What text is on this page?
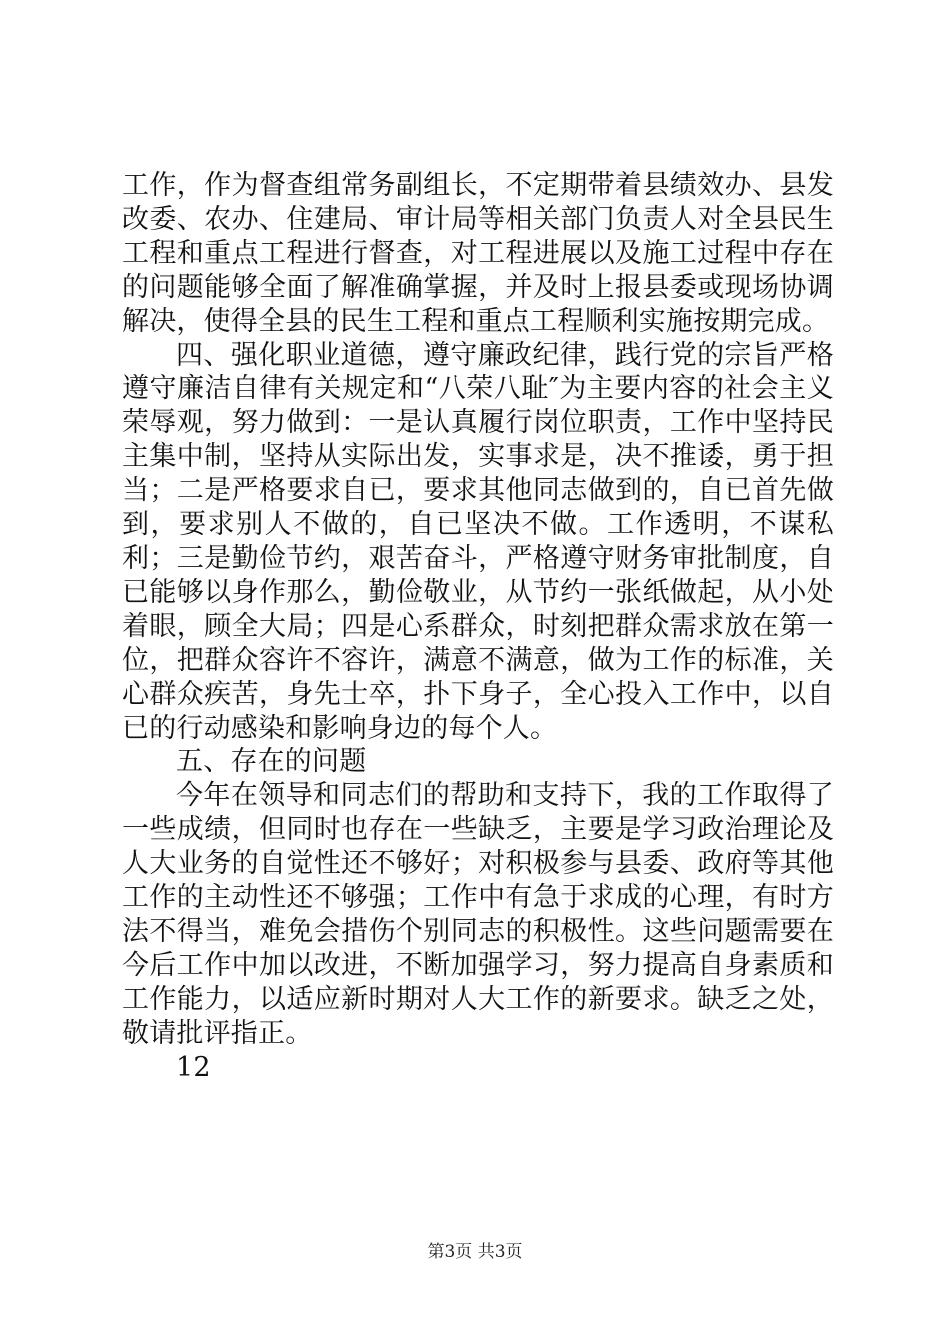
工作，作为督查组常务副组长，不定期带着县绩效办、县发改委、农办、住建局、审计局等相关部门负责人对全县民生工程和重点工程进行督查，对工程进展以及施工过程中存在的问题能够全面了解准确掌握，并及时上报县委或现场协调解决，使得全县的民生工程和重点工程顺利实施按期完成。

四、强化职业道德，遵守廉政纪律，践行党的宗旨严格遵守廉洁自律有关规定和“八荣八耻″为主要内容的社会主义荣辱观，努力做到：一是认真履行岗位职责，工作中坚持民主集中制，坚持从实际出发，实事求是，决不推诿，勇于担当；二是严格要求自已，要求其他同志做到的，自已首先做到，要求别人不做的，自已坚决不做。工作透明，不谋私利；三是勤俭节约，艰苦奋斗，严格遵守财务审批制度，自已能够以身作那么，勤俭敬业，从节约一张纸做起，从小处着眼，顾全大局；四是心系群众，时刻把群众需求放在第一位，把群众容许不容许，满意不满意，做为工作的标准，关心群众疾苦，身先士卒，扑下身子，全心投入工作中，以自已的行动感染和影响身边的每个人。

五、存在的问题

今年在领导和同志们的帮助和支持下，我的工作取得了一些成绩，但同时也存在一些缺乏，主要是学习政治理论及人大业务的自觉性还不够好；对积极参与县委、政府等其他工作的主动性还不够强；工作中有急于求成的心理，有时方法不得当，难免会措伤个别同志的积极性。这些问题需要在今后工作中加以改进，不断加强学习，努力提高自身素质和工作能力，以适应新时期对人大工作的新要求。缺乏之处，敬请批评指正。

12

第3页 共3页
